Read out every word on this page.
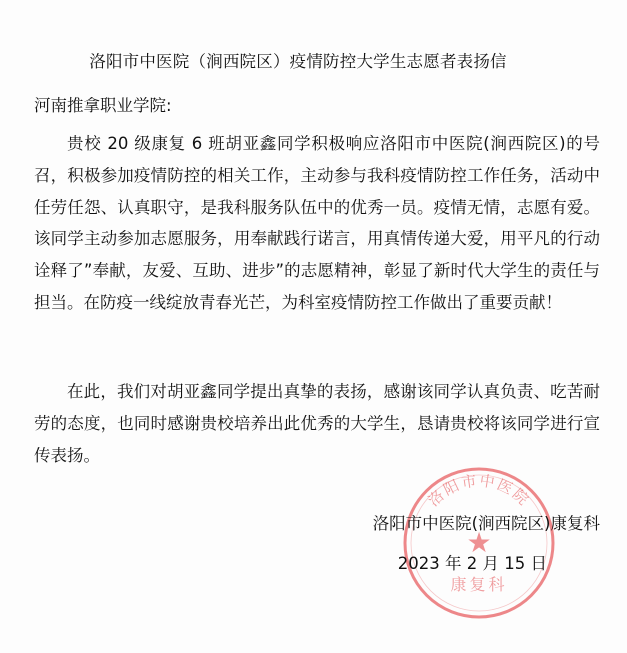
洛阳市中医院（涧西院区）疫情防控大学生志愿者表扬信
河南推拿职业学院:

贵校 20 级康复 6 班胡亚鑫同学积极响应洛阳市中医院(涧西院区)的号召，积极参加疫情防控的相关工作，主动参与我科疫情防控工作任务，活动中任劳任怨、认真职守，是我科服务队伍中的优秀一员。疫情无情，志愿有爱。该同学主动参加志愿服务，用奉献践行诺言，用真情传递大爱，用平凡的行动诠释了”奉献，友爱、互助、进步”的志愿精神，彰显了新时代大学生的责任与担当。在防疫一线绽放青春光芒，为科室疫情防控工作做出了重要贡献！

在此，我们对胡亚鑫同学提出真挚的表扬，感谢该同学认真负责、吃苦耐劳的态度，也同时感谢贵校培养出此优秀的大学生，恳请贵校将该同学进行宣传表扬。

洛阳市中医院
★
康复科
洛阳市中医院(涧西院区)康复科
2023 年 2 月 15 日
